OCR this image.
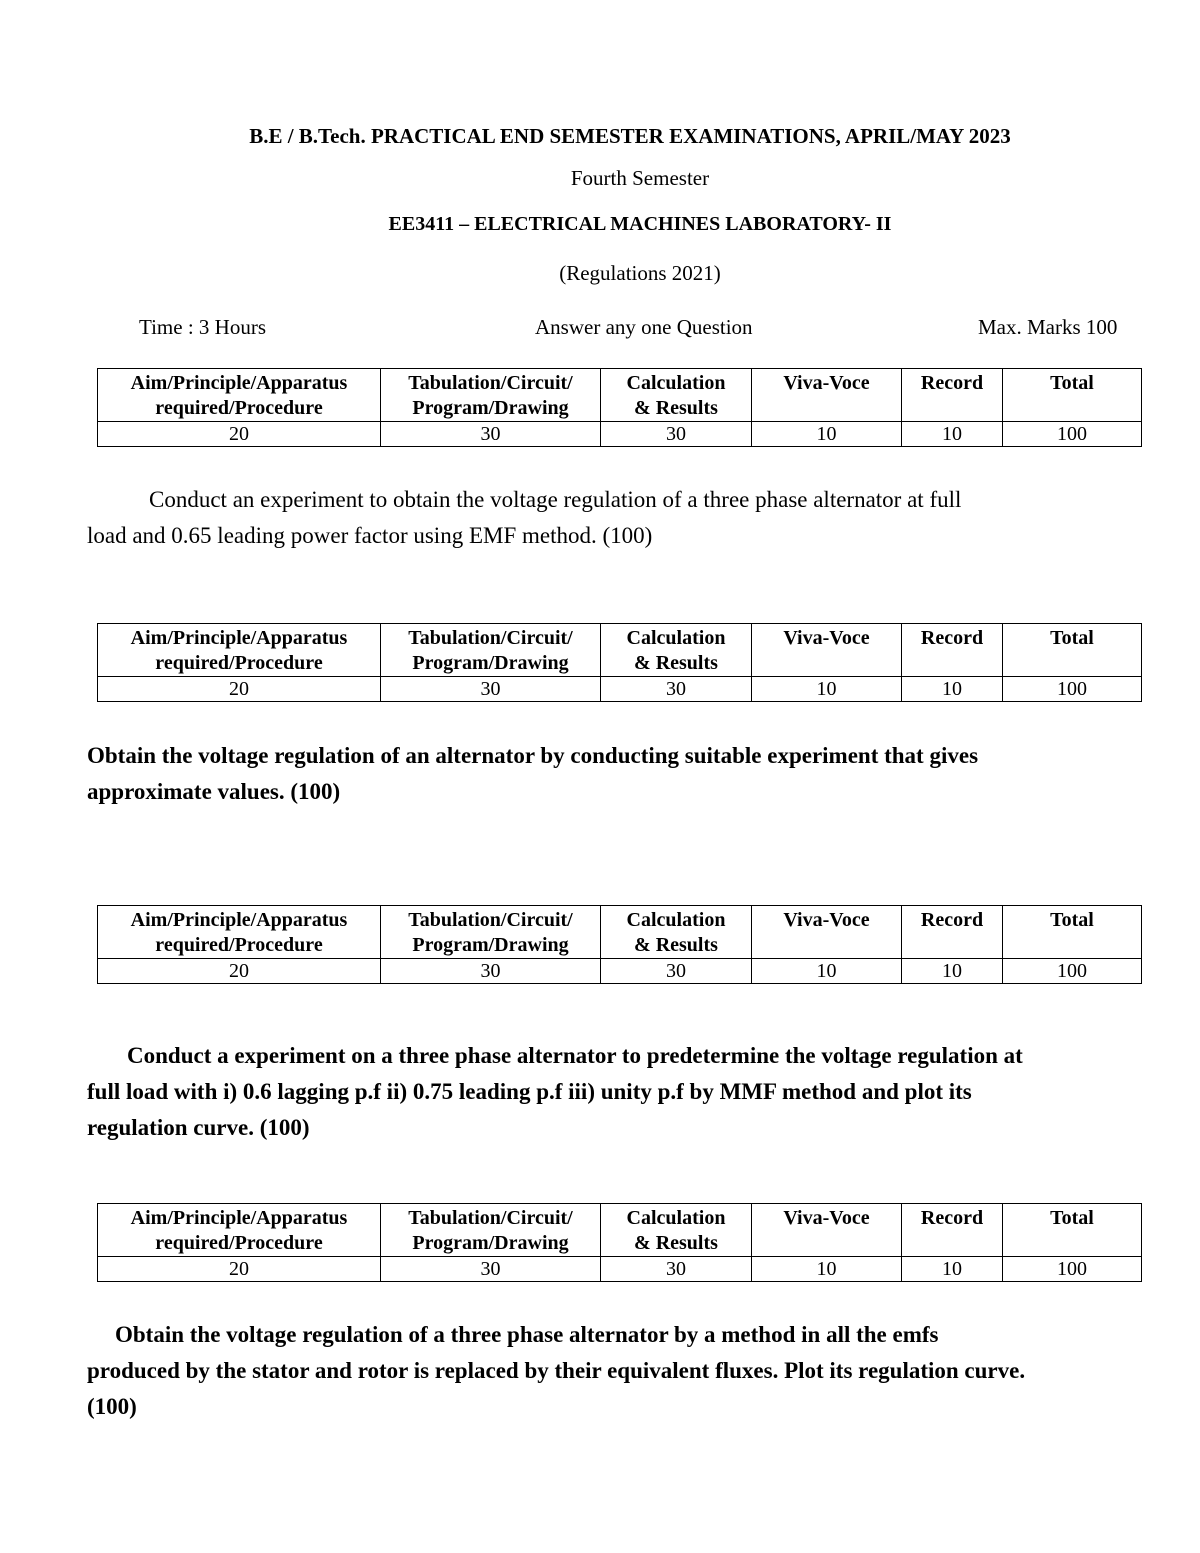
B.E / B.Tech. PRACTICAL END SEMESTER EXAMINATIONS, APRIL/MAY 2023
Fourth Semester
EE3411 – ELECTRICAL MACHINES LABORATORY- II
(Regulations 2021)
Time : 3 Hours	Answer any one Question	Max. Marks 100
Aim/Principle/Apparatus
required/Procedure	Tabulation/Circuit/
Program/Drawing	Calculation
& Results	Viva-Voce	Record	Total
20	30	30	10	10	100
Conduct an experiment to obtain the voltage regulation of a three phase alternator at full
load and 0.65 leading power factor using EMF method. (100)
Aim/Principle/Apparatus
required/Procedure	Tabulation/Circuit/
Program/Drawing	Calculation
& Results	Viva-Voce	Record	Total
20	30	30	10	10	100
Obtain the voltage regulation of an alternator by conducting suitable experiment that gives
approximate values. (100)
Aim/Principle/Apparatus
required/Procedure	Tabulation/Circuit/
Program/Drawing	Calculation
& Results	Viva-Voce	Record	Total
20	30	30	10	10	100
Conduct a experiment on a three phase alternator to predetermine the voltage regulation at
full load with i) 0.6 lagging p.f ii) 0.75 leading p.f iii) unity p.f by MMF method and plot its
regulation curve. (100)
Aim/Principle/Apparatus
required/Procedure	Tabulation/Circuit/
Program/Drawing	Calculation
& Results	Viva-Voce	Record	Total
20	30	30	10	10	100
Obtain the voltage regulation of a three phase alternator by a method in all the emfs
produced by the stator and rotor is replaced by their equivalent fluxes. Plot its regulation curve.
(100)
